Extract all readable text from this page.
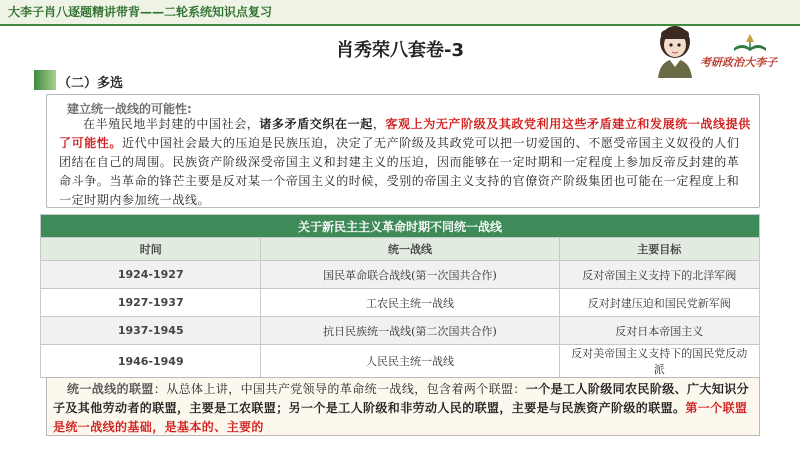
大李子肖八逐题精讲带背——二轮系统知识点复习
肖秀荣八套卷-3
考研政治大李子
（二）多选
建立统一战线的可能性:
在半殖民地半封建的中国社会，诸多矛盾交织在一起，客观上为无产阶级及其政党利用这些矛盾建立和发展统一战线提供了可能性。近代中国社会最大的压迫是民族压迫，决定了无产阶级及其政党可以把一切爱国的、不愿受帝国主义奴役的人们团结在自己的周围。民族资产阶级深受帝国主义和封建主义的压迫，因而能够在一定时期和一定程度上参加反帝反封建的革命斗争。当革命的锋芒主要是反对某一个帝国主义的时候，受别的帝国主义支持的官僚资产阶级集团也可能在一定程度上和一定时期内参加统一战线。
关于新民主主义革命时期不同统一战线		
时间	统一战线	主要目标
1924-1927	国民革命联合战线(第一次国共合作)	反对帝国主义支持下的北洋军阀
1927-1937	工农民主统一战线	反对封建压迫和国民党新军阀
1937-1945	抗日民族统一战线(第二次国共合作)	反对日本帝国主义
1946-1949	人民民主统一战线	反对美帝国主义支持下的国民党反动派
统一战线的联盟：从总体上讲，中国共产党领导的革命统一战线，包含着两个联盟：一个是工人阶级同农民阶级、广大知识分子及其他劳动者的联盟，主要是工农联盟；另一个是工人阶级和非劳动人民的联盟，主要是与民族资产阶级的联盟。第一个联盟是统一战线的基础，是基本的、主要的
